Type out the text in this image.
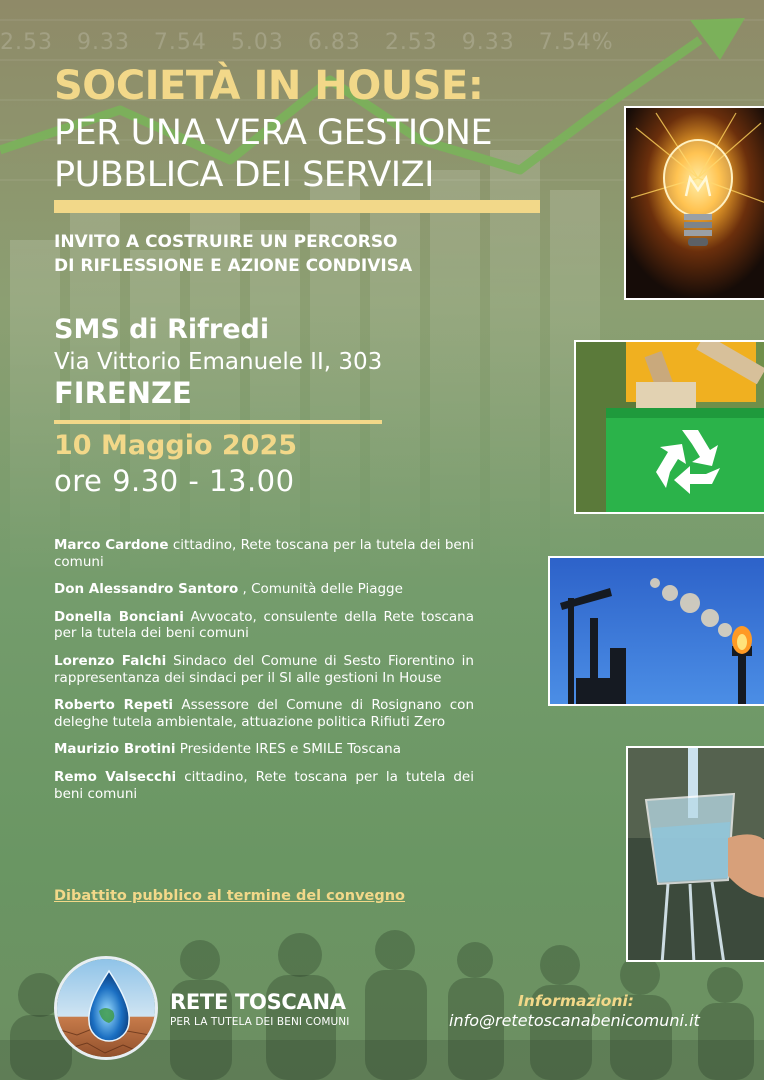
2.53   9.33   7.54   5.03   6.83   2.53   9.33   7.54%
SOCIETÀ IN HOUSE:
PER UNA VERA GESTIONE
PUBBLICA DEI SERVIZI
INVITO A COSTRUIRE UN PERCORSO
DI RIFLESSIONE E AZIONE CONDIVISA
SMS di Rifredi
Via Vittorio Emanuele II, 303
FIRENZE
10 Maggio 2025
ore 9.30 - 13.00
Marco Cardone cittadino, Rete toscana per la tutela dei beni comuni
Don Alessandro Santoro , Comunità delle Piagge
Donella Bonciani Avvocato, consulente della Rete toscana per la tutela dei beni comuni
Lorenzo Falchi Sindaco del Comune di Sesto Fiorentino in rappresentanza dei sindaci per il SI alle gestioni In House
Roberto Repeti Assessore del Comune di Rosignano con deleghe tutela ambientale, attuazione politica Rifiuti Zero
Maurizio Brotini Presidente IRES e SMILE Toscana
Remo Valsecchi cittadino, Rete toscana per la tutela dei beni comuni
Dibattito pubblico al termine del convegno
RETE TOSCANA
PER LA TUTELA DEI BENI COMUNI
Informazioni:
info@retetoscanabenicomuni.it
